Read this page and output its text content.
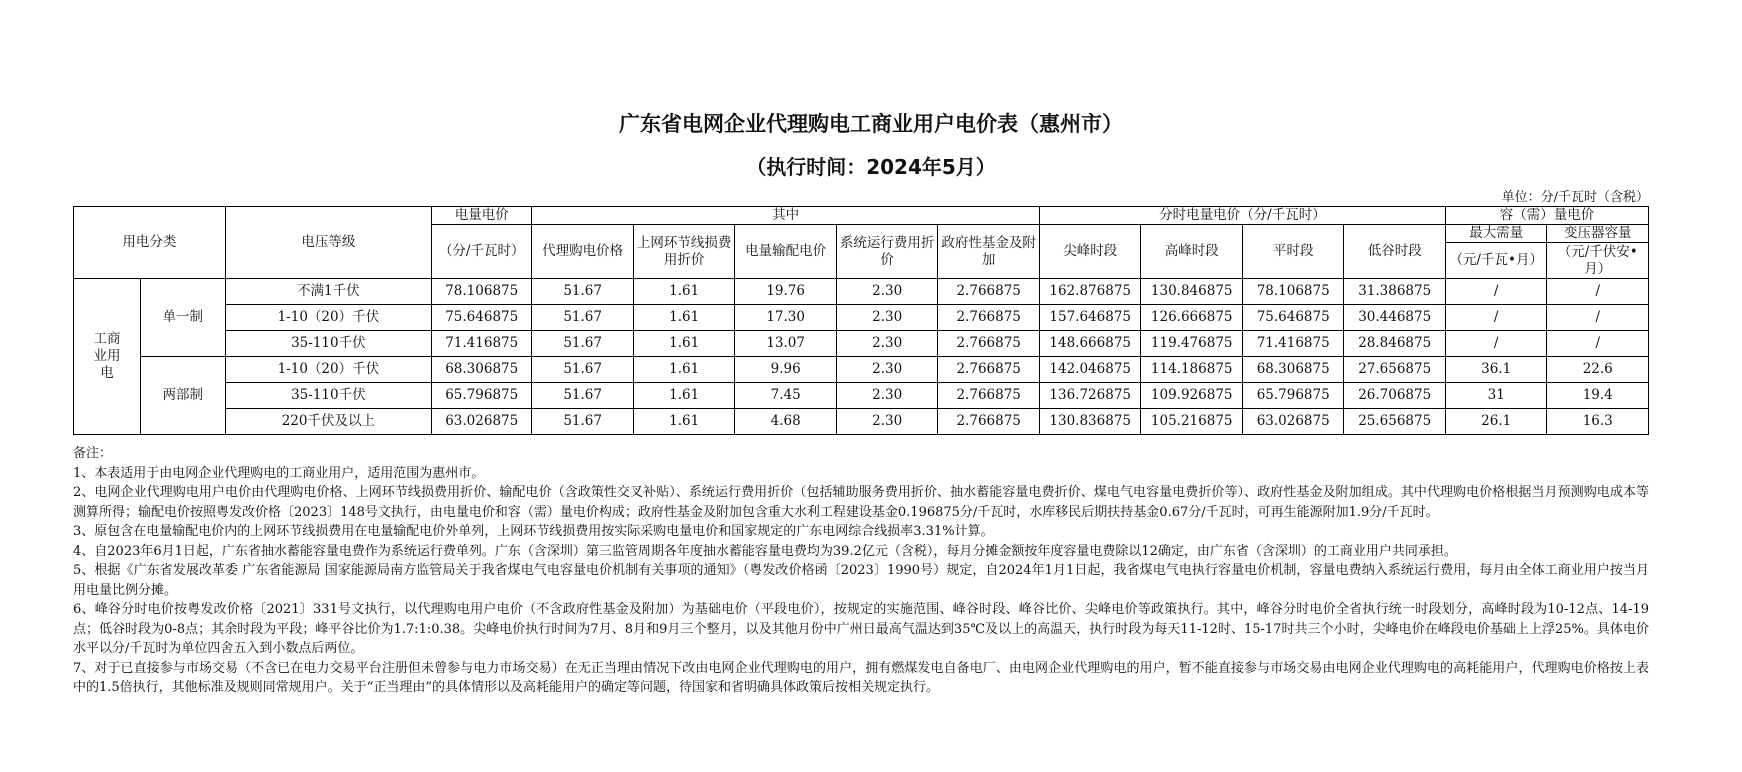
广东省电网企业代理购电工商业用户电价表（惠州市）
（执行时间：2024年5月）
单位：分/千瓦时（含税）
用电分类		电压等级	电量电价	其中					分时电量电价（分/千瓦时）				容（需）量电价	
			（分/千瓦时）	代理购电价格	上网环节线损费用折价	电量输配电价	系统运行费用折价	政府性基金及附加	尖峰时段	高峰时段	平时段	低谷时段	最大需量	变压器容量
													（元/千瓦•月）	（元/千伏安•月）
工商业用电	单一制	不满1千伏	78.106875	51.67	1.61	19.76	2.30	2.766875	162.876875	130.846875	78.106875	31.386875	/	/
		1-10（20）千伏	75.646875	51.67	1.61	17.30	2.30	2.766875	157.646875	126.666875	75.646875	30.446875	/	/
		35-110千伏	71.416875	51.67	1.61	13.07	2.30	2.766875	148.666875	119.476875	71.416875	28.846875	/	/
	两部制	1-10（20）千伏	68.306875	51.67	1.61	9.96	2.30	2.766875	142.046875	114.186875	68.306875	27.656875	36.1	22.6
		35-110千伏	65.796875	51.67	1.61	7.45	2.30	2.766875	136.726875	109.926875	65.796875	26.706875	31	19.4
		220千伏及以上	63.026875	51.67	1.61	4.68	2.30	2.766875	130.836875	105.216875	63.026875	25.656875	26.1	16.3

备注：

1、本表适用于由电网企业代理购电的工商业用户，适用范围为惠州市。

2、电网企业代理购电用户电价由代理购电价格、上网环节线损费用折价、输配电价（含政策性交叉补贴）、系统运行费用折价（包括辅助服务费用折价、抽水蓄能容量电费折价、煤电气电容量电费折价等）、政府性基金及附加组成。其中代理购电价格根据当月预测购电成本等测算所得；输配电价按照粤发改价格〔2023〕148号文执行，由电量电价和容（需）量电价构成；政府性基金及附加包含重大水利工程建设基金0.196875分/千瓦时，水库移民后期扶持基金0.67分/千瓦时，可再生能源附加1.9分/千瓦时。

3、原包含在电量输配电价内的上网环节线损费用在电量输配电价外单列，上网环节线损费用按实际采购电量电价和国家规定的广东电网综合线损率3.31%计算。

4、自2023年6月1日起，广东省抽水蓄能容量电费作为系统运行费单列。广东（含深圳）第三监管周期各年度抽水蓄能容量电费均为39.2亿元（含税），每月分摊金额按年度容量电费除以12确定，由广东省（含深圳）的工商业用户共同承担。

5、根据《广东省发展改革委 广东省能源局 国家能源局南方监管局关于我省煤电气电容量电价机制有关事项的通知》（粤发改价格函〔2023〕1990号）规定，自2024年1月1日起，我省煤电气电执行容量电价机制，容量电费纳入系统运行费用，每月由全体工商业用户按当月用电量比例分摊。

6、峰谷分时电价按粤发改价格〔2021〕331号文执行，以代理购电用户电价（不含政府性基金及附加）为基础电价（平段电价），按规定的实施范围、峰谷时段、峰谷比价、尖峰电价等政策执行。其中，峰谷分时电价全省执行统一时段划分，高峰时段为10-12点、14-19点；低谷时段为0-8点；其余时段为平段；峰平谷比价为1.7:1:0.38。尖峰电价执行时间为7月、8月和9月三个整月，以及其他月份中广州日最高气温达到35℃及以上的高温天，执行时段为每天11-12时、15-17时共三个小时，尖峰电价在峰段电价基础上上浮25%。具体电价水平以分/千瓦时为单位四舍五入到小数点后两位。

7、对于已直接参与市场交易（不含已在电力交易平台注册但未曾参与电力市场交易）在无正当理由情况下改由电网企业代理购电的用户，拥有燃煤发电自备电厂、由电网企业代理购电的用户，暂不能直接参与市场交易由电网企业代理购电的高耗能用户，代理购电价格按上表中的1.5倍执行，其他标准及规则同常规用户。关于“正当理由”的具体情形以及高耗能用户的确定等问题，待国家和省明确具体政策后按相关规定执行。
